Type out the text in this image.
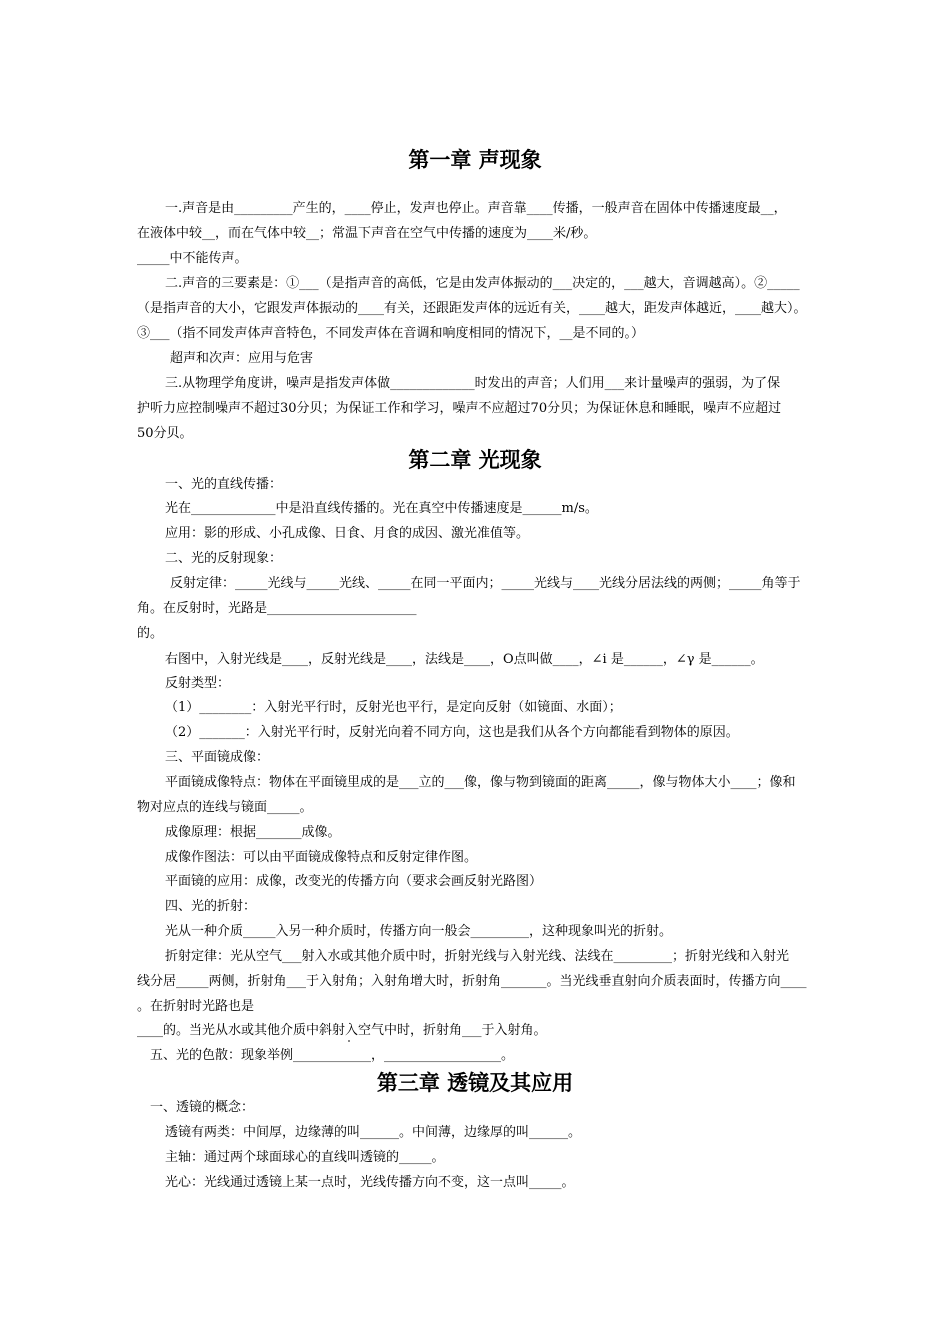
第一章 声现象
一.声音是由_________产生的，____停止，发声也停止。声音靠____传播，一般声音在固体中传播速度最__，
在液体中较__，而在气体中较__；常温下声音在空气中传播的速度为____米/秒。
_____中不能传声。
二.声音的三要素是：①___（是指声音的高低，它是由发声体振动的___决定的，___越大，音调越高）。②_____
（是指声音的大小，它跟发声体振动的____有关，还跟距发声体的远近有关，____越大，距发声体越近，____越大）。
③___（指不同发声体声音特色，不同发声体在音调和响度相同的情况下，__是不同的。）
超声和次声：应用与危害
三.从物理学角度讲，噪声是指发声体做_____________时发出的声音；人们用___来计量噪声的强弱，为了保
护听力应控制噪声不超过30分贝；为保证工作和学习，噪声不应超过70分贝；为保证休息和睡眠，噪声不应超过
50分贝。
第二章 光现象
一、光的直线传播：
光在_____________中是沿直线传播的。光在真空中传播速度是______m/s。
应用：影的形成、小孔成像、日食、月食的成因、激光准值等。
二、光的反射现象：
反射定律：_____光线与_____光线、_____在同一平面内；_____光线与____光线分居法线的两侧；_____角等于
角。在反射时，光路是_______________________
的。
右图中，入射光线是____，反射光线是____，法线是____，O点叫做____，∠i 是______，∠γ 是______。
反射类型：
（1）________：入射光平行时，反射光也平行，是定向反射（如镜面、水面）；
（2）_______：入射光平行时，反射光向着不同方向，这也是我们从各个方向都能看到物体的原因。
三、平面镜成像：
平面镜成像特点：物体在平面镜里成的是___立的___像，像与物到镜面的距离_____，像与物体大小____；像和
物对应点的连线与镜面_____。
成像原理：根据_______成像。
成像作图法：可以由平面镜成像特点和反射定律作图。
平面镜的应用：成像，改变光的传播方向（要求会画反射光路图）
四、光的折射：
光从一种介质_____入另一种介质时，传播方向一般会_________，这种现象叫光的折射。
折射定律：光从空气___射入水或其他介质中时，折射光线与入射光线、法线在_________；折射光线和入射光
线分居_____两侧，折射角___于入射角；入射角增大时，折射角_______。当光线垂直射向介质表面时，传播方向____
。在折射时光路也是
____的。当光从水或其他介质中斜射入空气中时，折射角___于入射角。
五、光的色散：现象举例____________，__________________。
第三章 透镜及其应用
一、透镜的概念：
透镜有两类：中间厚，边缘薄的叫______。中间薄，边缘厚的叫______。
主轴：通过两个球面球心的直线叫透镜的_____。
光心：光线通过透镜上某一点时，光线传播方向不变，这一点叫_____。
